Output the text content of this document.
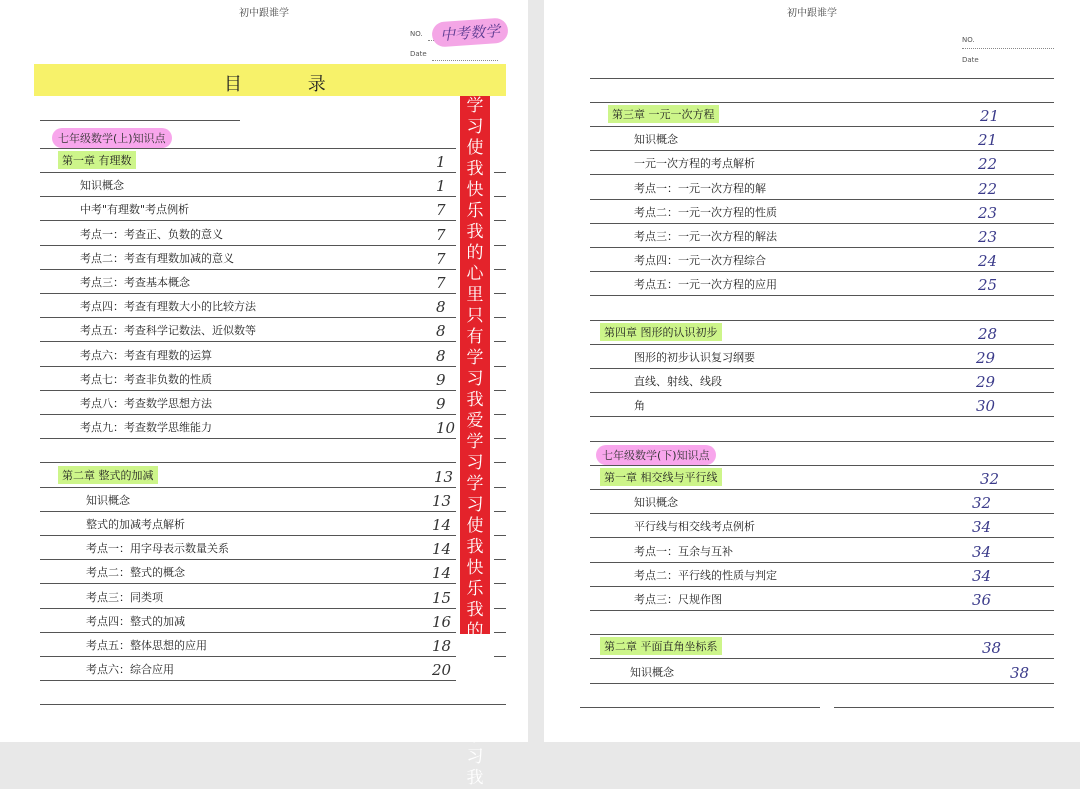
初中跟谁学
NO.
Date
中考数学
目 录
七年级数学(上)知识点
第一章 有理数	1
知识概念	1
中考"有理数"考点例析	7
考点一：考查正、负数的意义	7
考点二：考查有理数加减的意义	7
考点三：考查基本概念	7
考点四：考查有理数大小的比较方法	8
考点五：考查科学记数法、近似数等	8
考点六：考查有理数的运算	8
考点七：考查非负数的性质	9
考点八：考查数学思想方法	9
考点九：考查数学思维能力	10
第二章 整式的加减	13
知识概念	13
整式的加减考点解析	14
考点一：用字母表示数量关系	14
考点二：整式的概念	14
考点三：同类项	15
考点四：整式的加减	16
考点五：整体思想的应用	18
考点六：综合应用	20
学
习
使
我
快
乐
我
的
心
里
只
有
学
习
我
爱
学
习
学
习
使
我
快
乐
我
的
心
里
只
有
学
习
我
初中跟谁学
NO.
Date
第三章 一元一次方程	21
知识概念	21
一元一次方程的考点解析	22
考点一：一元一次方程的解	22
考点二：一元一次方程的性质	23
考点三：一元一次方程的解法	23
考点四：一元一次方程综合	24
考点五：一元一次方程的应用	25
第四章 图形的认识初步	28
图形的初步认识复习纲要	29
直线、射线、线段	29
角	30
七年级数学(下)知识点
第一章 相交线与平行线	32
知识概念	32
平行线与相交线考点例析	34
考点一：互余与互补	34
考点二：平行线的性质与判定	34
考点三：尺规作图	36
第二章 平面直角坐标系	38
知识概念	38
